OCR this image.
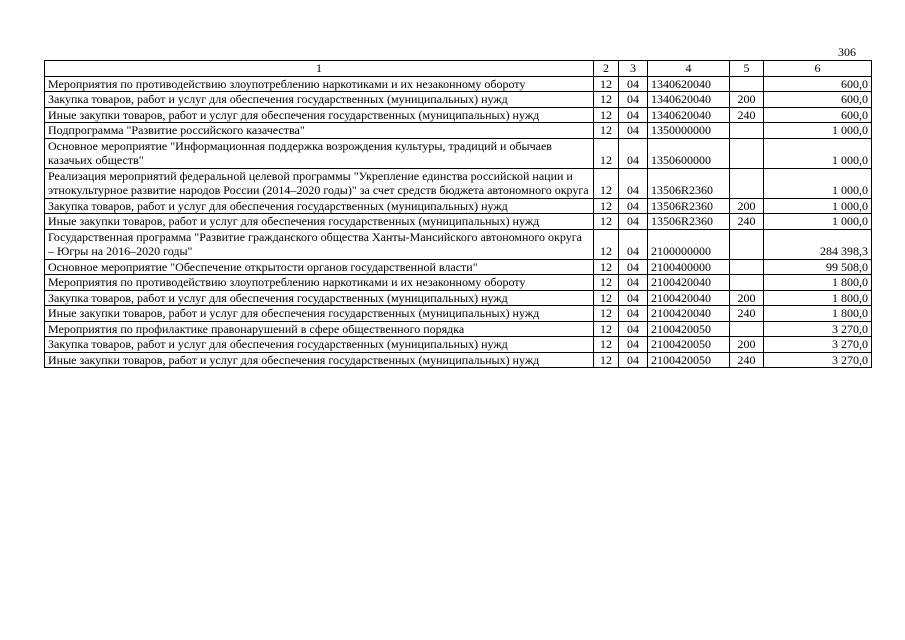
306
1	2	3	4	5	6
Мероприятия по противодействию злоупотреблению наркотиками и их незаконному обороту	12	04	1340620040		600,0
Закупка товаров, работ и услуг для обеспечения государственных (муниципальных) нужд	12	04	1340620040	200	600,0
Иные закупки товаров, работ и услуг для обеспечения государственных (муниципальных) нужд	12	04	1340620040	240	600,0
Подпрограмма "Развитие российского казачества"	12	04	1350000000		1 000,0
Основное мероприятие "Информационная поддержка возрождения культуры, традиций и обычаев казачьих обществ"	12	04	1350600000		1 000,0
Реализация мероприятий федеральной целевой программы "Укрепление единства российской нации и этнокультурное развитие народов России (2014–2020 годы)" за счет средств бюджета автономного округа	12	04	13506R2360		1 000,0
Закупка товаров, работ и услуг для обеспечения государственных (муниципальных) нужд	12	04	13506R2360	200	1 000,0
Иные закупки товаров, работ и услуг для обеспечения государственных (муниципальных) нужд	12	04	13506R2360	240	1 000,0
Государственная программа "Развитие гражданского общества Ханты-Мансийского автономного округа – Югры на 2016–2020 годы"	12	04	2100000000		284 398,3
Основное мероприятие "Обеспечение открытости органов государственной власти"	12	04	2100400000		99 508,0
Мероприятия по противодействию злоупотреблению наркотиками и их незаконному обороту	12	04	2100420040		1 800,0
Закупка товаров, работ и услуг для обеспечения государственных (муниципальных) нужд	12	04	2100420040	200	1 800,0
Иные закупки товаров, работ и услуг для обеспечения государственных (муниципальных) нужд	12	04	2100420040	240	1 800,0
Мероприятия по профилактике правонарушений в сфере общественного порядка	12	04	2100420050		3 270,0
Закупка товаров, работ и услуг для обеспечения государственных (муниципальных) нужд	12	04	2100420050	200	3 270,0
Иные закупки товаров, работ и услуг для обеспечения государственных (муниципальных) нужд	12	04	2100420050	240	3 270,0
